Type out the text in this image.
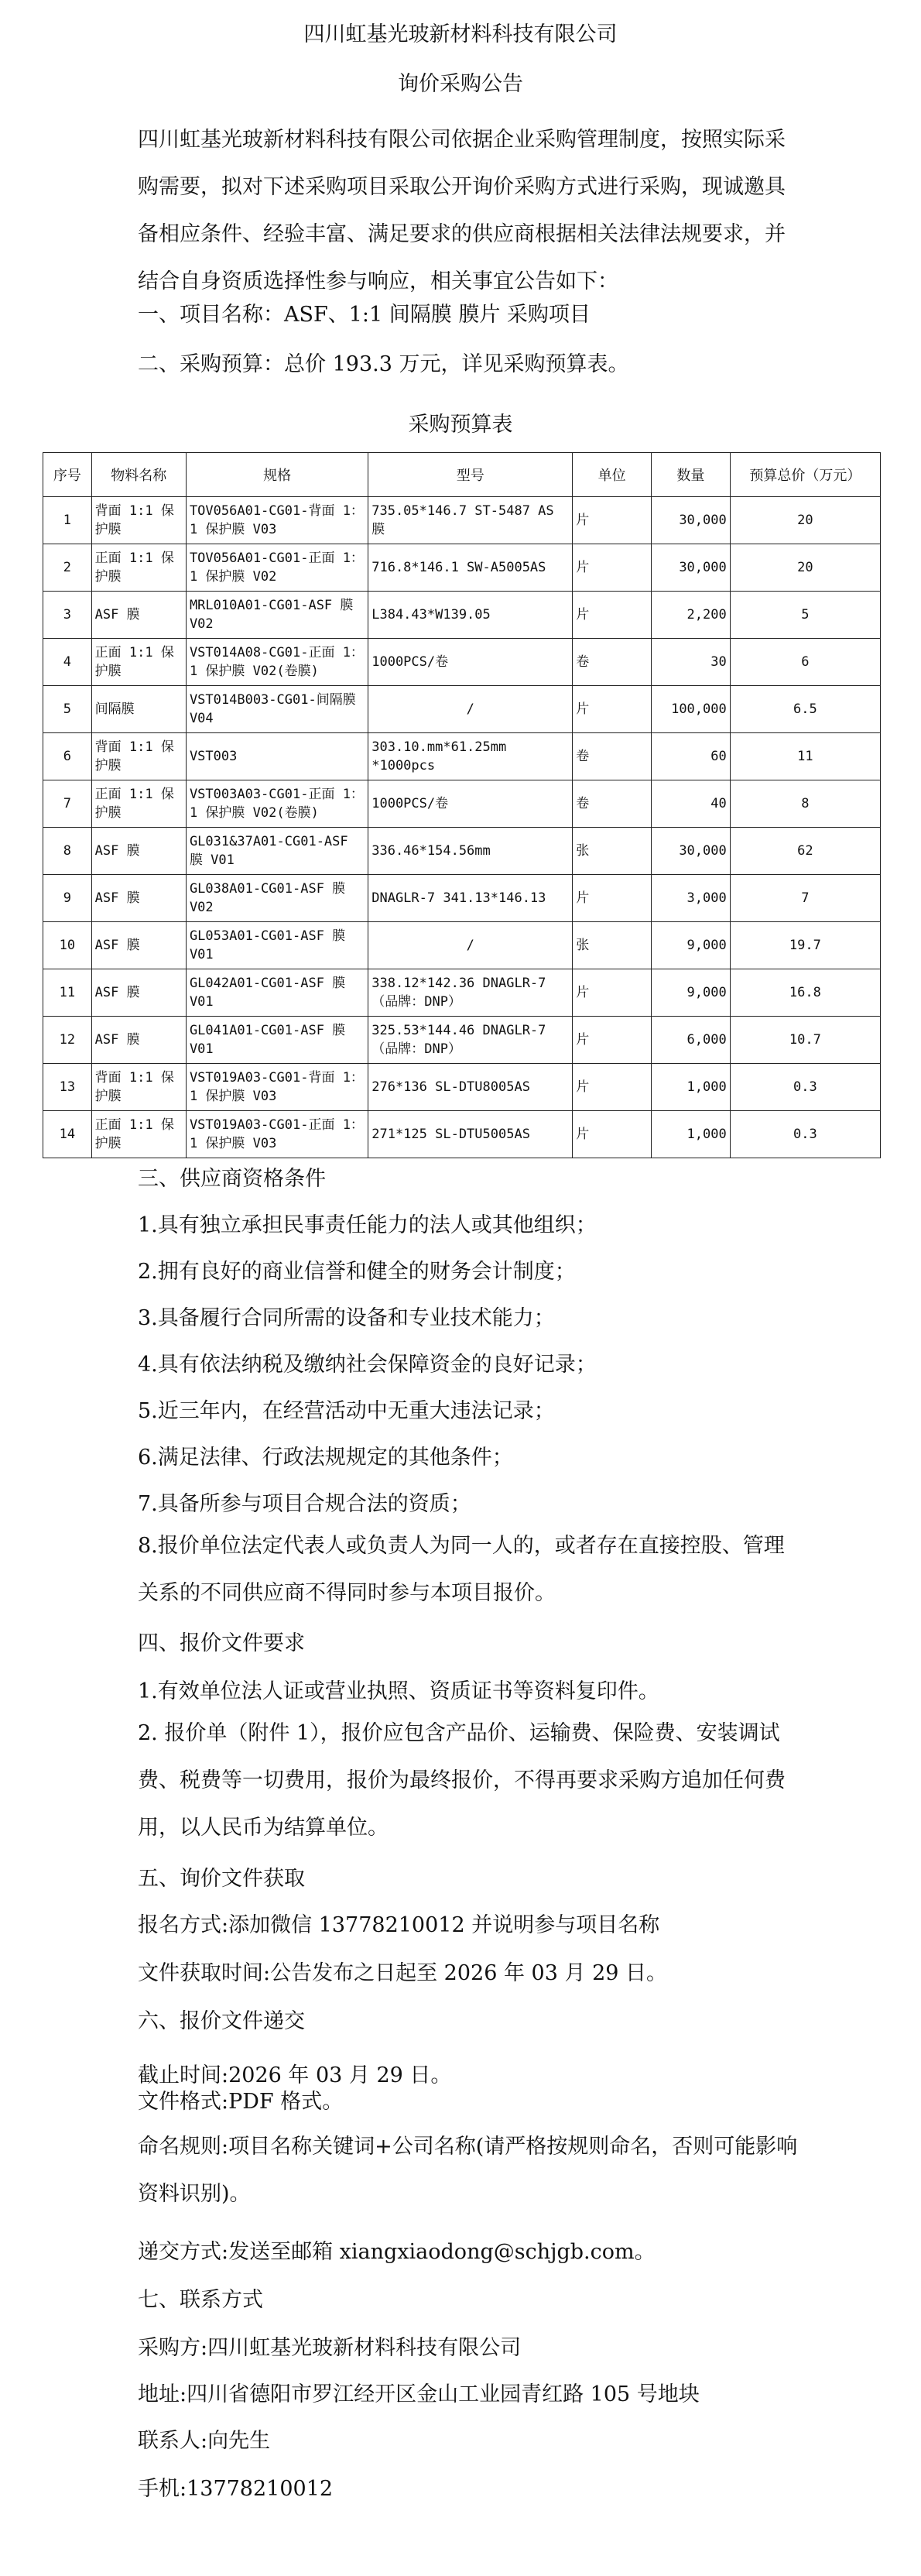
四川虹基光玻新材料科技有限公司
询价采购公告

四川虹基光玻新材料科技有限公司依据企业采购管理制度，按照实际采购需要，拟对下述采购项目采取公开询价采购方式进行采购，现诚邀具备相应条件、经验丰富、满足要求的供应商根据相关法律法规要求，并结合自身资质选择性参与响应，相关事宜公告如下：

一、项目名称：ASF、1:1 间隔膜 膜片 采购项目
二、采购预算：总价 193.3 万元，详见采购预算表。
采购预算表
序号	物料名称	规格	型号	单位	数量	预算总价（万元）
1	背面 1:1 保护膜	TOV056A01-CG01-背面 1：1 保护膜 V03	735.05*146.7 ST-5487 AS 膜	片	30,000	20
2	正面 1:1 保护膜	TOV056A01-CG01-正面 1：1 保护膜 V02	716.8*146.1 SW-A5005AS	片	30,000	20
3	ASF 膜	MRL010A01-CG01-ASF 膜 V02	L384.43*W139.05	片	2,200	5
4	正面 1:1 保护膜	VST014A08-CG01-正面 1：1 保护膜 V02(卷膜)	1000PCS/卷	卷	30	6
5	间隔膜	VST014B003-CG01-间隔膜 V04	/	片	100,000	6.5
6	背面 1:1 保护膜	VST003	303.10.mm*61.25mm *1000pcs	卷	60	11
7	正面 1:1 保护膜	VST003A03-CG01-正面 1：1 保护膜 V02(卷膜)	1000PCS/卷	卷	40	8
8	ASF 膜	GL031&37A01-CG01-ASF 膜 V01	336.46*154.56mm	张	30,000	62
9	ASF 膜	GL038A01-CG01-ASF 膜 V02	DNAGLR-7 341.13*146.13	片	3,000	7
10	ASF 膜	GL053A01-CG01-ASF 膜 V01	/	张	9,000	19.7
11	ASF 膜	GL042A01-CG01-ASF 膜 V01	338.12*142.36 DNAGLR-7（品牌：DNP）	片	9,000	16.8
12	ASF 膜	GL041A01-CG01-ASF 膜 V01	325.53*144.46 DNAGLR-7（品牌：DNP）	片	6,000	10.7
13	背面 1:1 保护膜	VST019A03-CG01-背面 1：1 保护膜 V03	276*136 SL-DTU8005AS	片	1,000	0.3
14	正面 1:1 保护膜	VST019A03-CG01-正面 1：1 保护膜 V03	271*125 SL-DTU5005AS	片	1,000	0.3
三、供应商资格条件
1.具有独立承担民事责任能力的法人或其他组织；
2.拥有良好的商业信誉和健全的财务会计制度；
3.具备履行合同所需的设备和专业技术能力；
4.具有依法纳税及缴纳社会保障资金的良好记录；
5.近三年内，在经营活动中无重大违法记录；
6.满足法律、行政法规规定的其他条件；
7.具备所参与项目合规合法的资质；

8.报价单位法定代表人或负责人为同一人的，或者存在直接控股、管理关系的不同供应商不得同时参与本项目报价。

四、报价文件要求
1.有效单位法人证或营业执照、资质证书等资料复印件。

2. 报价单（附件 1），报价应包含产品价、运输费、保险费、安装调试费、税费等一切费用，报价为最终报价，不得再要求采购方追加任何费用，以人民币为结算单位。

五、询价文件获取
报名方式:添加微信 13778210012 并说明参与项目名称
文件获取时间:公告发布之日起至 2026 年 03 月 29 日。
六、报价文件递交
截止时间:2026 年 03 月 29 日。
文件格式:PDF 格式。

命名规则:项目名称关键词+公司名称(请严格按规则命名，否则可能影响资料识别)。

递交方式:发送至邮箱 xiangxiaodong@schjgb.com。
七、联系方式
采购方:四川虹基光玻新材料科技有限公司
地址:四川省德阳市罗江经开区金山工业园青红路 105 号地块
联系人:向先生
手机:13778210012
